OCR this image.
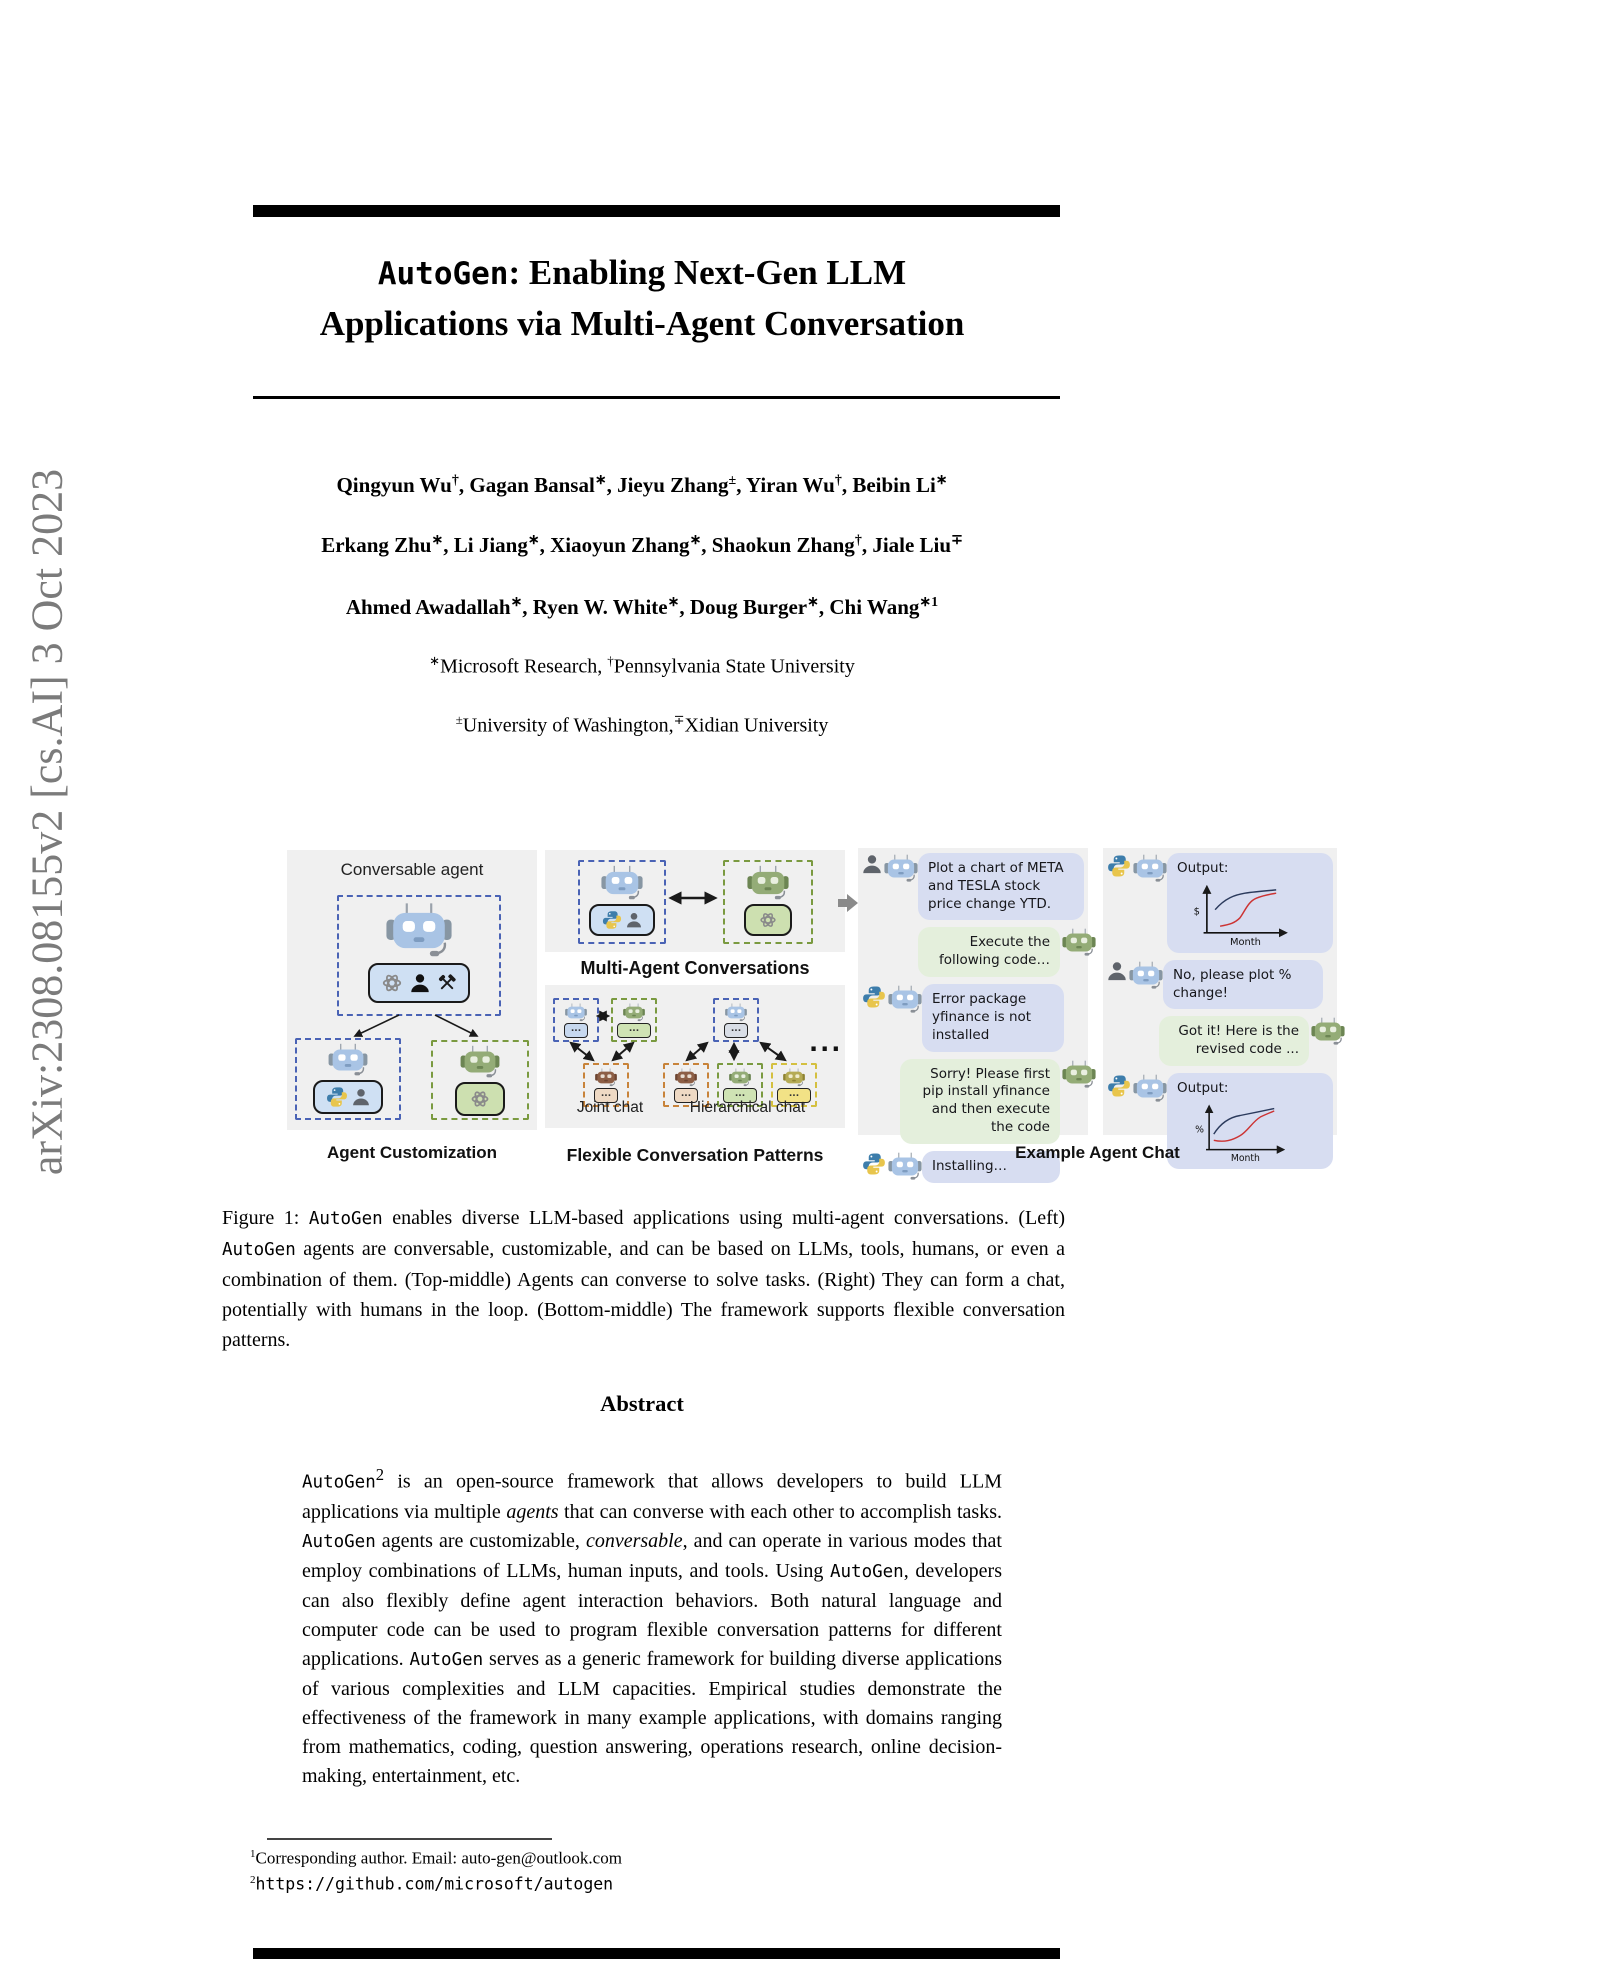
arXiv:2308.08155v2 [cs.AI] 3 Oct 2023
AutoGen: Enabling Next-Gen LLM
Applications via Multi-Agent Conversation
Qingyun Wu†, Gagan Bansal∗, Jieyu Zhang±, Yiran Wu†, Beibin Li∗
Erkang Zhu∗, Li Jiang∗, Xiaoyun Zhang∗, Shaokun Zhang†, Jiale Liu∓
Ahmed Awadallah∗, Ryen W. White∗, Doug Burger∗, Chi Wang$^{∗1}$
∗Microsoft Research, †Pennsylvania State University
±University of Washington,∓Xidian University
Conversable agent
Agent Customization
Multi-Agent Conversations
...	...
...
...
...	...	...
...
Joint chat	Hierarchical chat
Flexible Conversation Patterns
Plot a chart of META and TESLA stock price change YTD.
Execute the following code…
Error package yfinance is not installed
Sorry! Please first pip install yfinance and then execute the code
Installing…
Output:
$
Month
No, please plot % change!
Got it! Here is the revised code ...
Output:
%
Month
Example Agent Chat
Figure 1: AutoGen enables diverse LLM-based applications using multi-agent conversations. (Left) AutoGen agents are conversable, customizable, and can be based on LLMs, tools, humans, or even a combination of them. (Top-middle) Agents can converse to solve tasks. (Right) They can form a chat, potentially with humans in the loop. (Bottom-middle) The framework supports flexible conversation patterns.
Abstract
AutoGen$^2$ is an open-source framework that allows developers to build LLM applications via multiple agents that can converse with each other to accomplish tasks. AutoGen agents are customizable, conversable, and can operate in various modes that employ combinations of LLMs, human inputs, and tools. Using AutoGen, developers can also flexibly define agent interaction behaviors. Both natural language and computer code can be used to program flexible conversation patterns for different applications. AutoGen serves as a generic framework for building diverse applications of various complexities and LLM capacities. Empirical studies demonstrate the effectiveness of the framework in many example applications, with domains ranging from mathematics, coding, question answering, operations research, online decision-making, entertainment, etc.
$^1$Corresponding author. Email: auto-gen@outlook.com
$^2$https://github.com/microsoft/autogen
